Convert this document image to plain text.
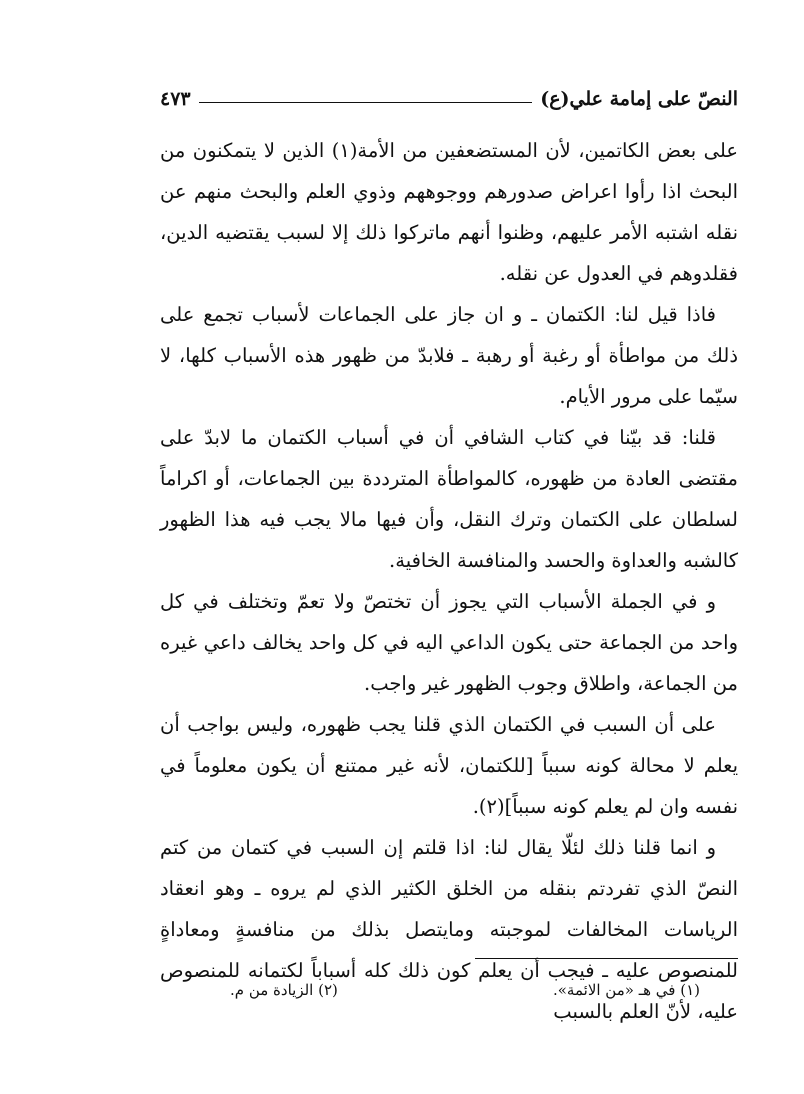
النصّ على إمامة علي(ع)
٤٧٣

على بعض الكاتمين، لأن المستضعفين من الأمة(١) الذين لا يتمكنون من البحث اذا رأوا اعراض صدورهم ووجوههم وذوي العلم والبحث منهم عن نقله اشتبه الأمر عليهم، وظنوا أنهم ماتركوا ذلك إلا لسبب يقتضيه الدين، فقلدوهم في العدول عن نقله.

فاذا قيل لنا: الكتمان ـ و ان جاز على الجماعات لأسباب تجمع على ذلك من مواطأة أو رغبة أو رهبة ـ فلابدّ من ظهور هذه الأسباب كلها، لا سيّما على مرور الأيام.

قلنا: قد بيّنا في كتاب الشافي أن في أسباب الكتمان ما لابدّ على مقتضى العادة من ظهوره، كالمواطأة المترددة بين الجماعات، أو اكراماً لسلطان على الكتمان وترك النقل، وأن فيها مالا يجب فيه هذا الظهور كالشبه والعداوة والحسد والمنافسة الخافية.

و في الجملة الأسباب التي يجوز أن تختصّ ولا تعمّ وتختلف في كل واحد من الجماعة حتى يكون الداعي اليه في كل واحد يخالف داعي غيره من الجماعة، واطلاق وجوب الظهور غير واجب.

على أن السبب في الكتمان الذي قلنا يجب ظهوره، وليس بواجب أن يعلم لا محالة كونه سبباً [للكتمان، لأنه غير ممتنع أن يكون معلوماً في نفسه وان لم يعلم كونه سبباً](٢).

و انما قلنا ذلك لئلّا يقال لنا: اذا قلتم إن السبب في كتمان من كتم النصّ الذي تفردتم بنقله من الخلق الكثير الذي لم يروه ـ وهو انعقاد الرياسات المخالفات لموجبته ومايتصل بذلك من منافسةٍ ومعاداةٍ للمنصوص عليه ـ فيجب أن يعلم كون ذلك كله أسباباً لكتمانه للمنصوص عليه، لأنّ العلم بالسبب

(١) في هـ «من الائمة».
(٢) الزيادة من م.
